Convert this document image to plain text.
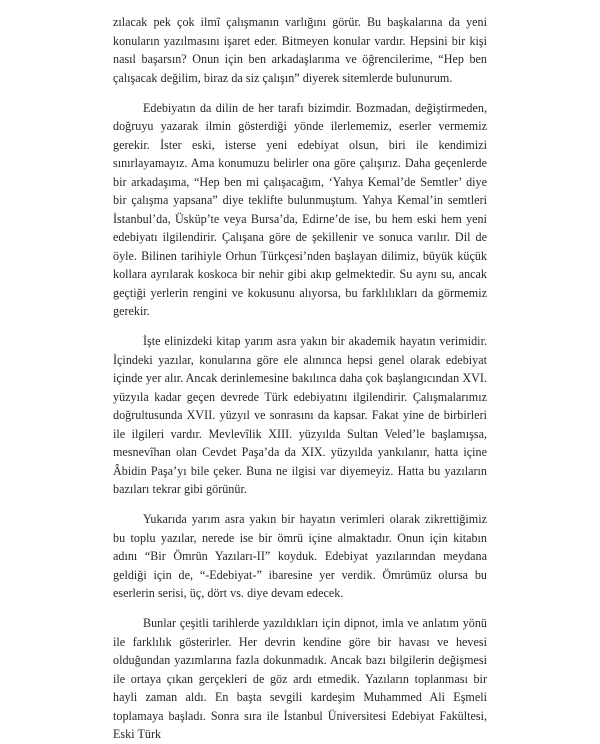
zılacak pek çok ilmî çalışmanın varlığını görür. Bu başkalarına da yeni konuların yazılmasını işaret eder. Bitmeyen konular vardır. Hepsini bir kişi nasıl başarsın? Onun için ben arkadaşlarıma ve öğrencilerime, “Hep ben çalışacak değilim, biraz da siz çalışın” diyerek sitemlerde bulunurum.

Edebiyatın da dilin de her tarafı bizimdir. Bozmadan, değiştirmeden, doğruyu yazarak ilmin gösterdiği yönde ilerlememiz, eserler vermemiz gerekir. İster eski, isterse yeni edebiyat olsun, biri ile kendimizi sınırlayamayız. Ama konumuzu belirler ona göre çalışırız. Daha geçenlerde bir arkadaşıma, “Hep ben mi çalışacağım, ‘Yahya Kemal’de Semtler’ diye bir çalışma yapsana” diye teklifte bulunmuştum. Yahya Kemal’in semtleri İstanbul’da, Üsküp’te veya Bursa’da, Edirne’de ise, bu hem eski hem yeni edebiyatı ilgilendirir. Çalışana göre de şekillenir ve sonuca varılır. Dil de öyle. Bilinen tarihiyle Orhun Türkçesi’nden başlayan dilimiz, büyük küçük kollara ayrılarak koskoca bir nehir gibi akıp gelmektedir. Su aynı su, ancak geçtiği yerlerin rengini ve kokusunu alıyorsa, bu farklılıkları da görmemiz gerekir.

İşte elinizdeki kitap yarım asra yakın bir akademik hayatın verimidir. İçindeki yazılar, konularına göre ele alınınca hepsi genel olarak edebiyat içinde yer alır. Ancak derinlemesine bakılınca daha çok başlangıcından XVI. yüzyıla kadar geçen devrede Türk edebiyatını ilgilendirir. Çalışmalarımız doğrultusunda XVII. yüzyıl ve sonrasını da kapsar. Fakat yine de birbirleri ile ilgileri vardır. Mevlevîlik XIII. yüzyılda Sultan Veled’le başlamışsa, mesnevîhan olan Cevdet Paşa’da da XIX. yüzyılda yankılanır, hatta içine Âbidin Paşa’yı bile çeker. Buna ne ilgisi var diyemeyiz. Hatta bu yazıların bazıları tekrar gibi görünür.

Yukarıda yarım asra yakın bir hayatın verimleri olarak zikrettiğimiz bu toplu yazılar, nerede ise bir ömrü içine almaktadır. Onun için kitabın adını “Bir Ömrün Yazıları-II” koyduk. Edebiyat yazılarından meydana geldiği için de, “-Edebiyat-” ibaresine yer verdik. Ömrümüz olursa bu eserlerin serisi, üç, dört vs. diye devam edecek.

Bunlar çeşitli tarihlerde yazıldıkları için dipnot, imla ve anlatım yönü ile farklılık gösterirler. Her devrin kendine göre bir havası ve hevesi olduğundan yazımlarına fazla dokunmadık. Ancak bazı bilgilerin değişmesi ile ortaya çıkan gerçekleri de göz ardı etmedik. Yazıların toplanması bir hayli zaman aldı. En başta sevgili kardeşim Muhammed Ali Eşmeli toplamaya başladı. Sonra sıra ile İstanbul Üniversitesi Edebiyat Fakültesi, Eski Türk
